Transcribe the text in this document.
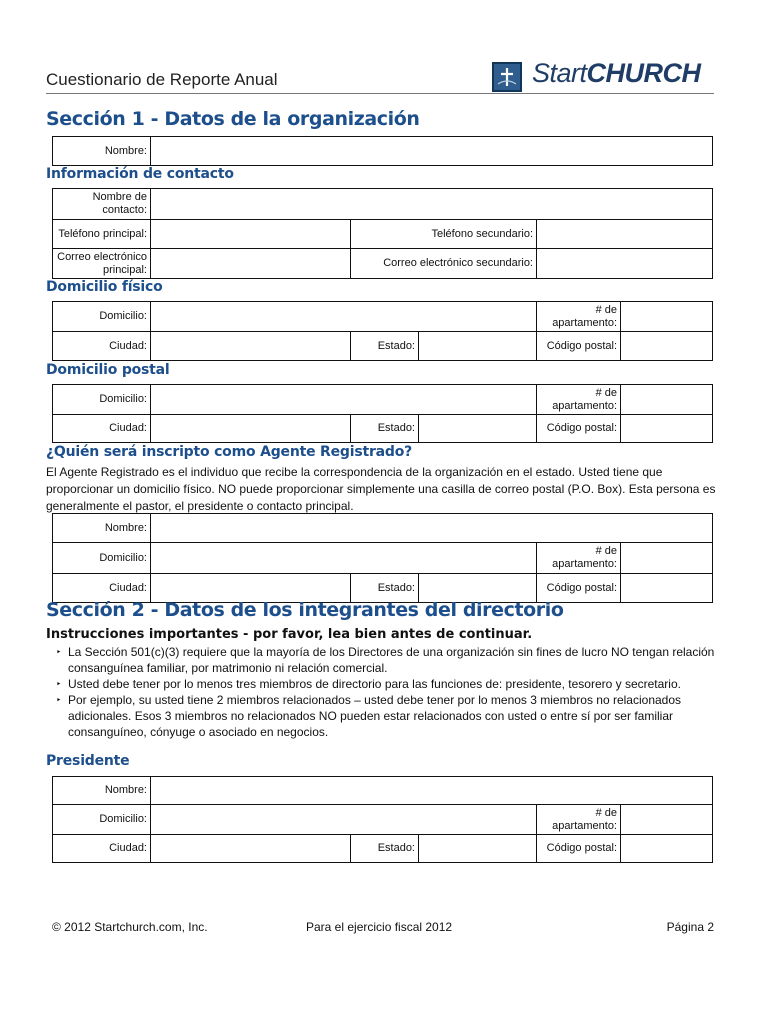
Cuestionario de Reporte Anual	StartCHURCH
Sección 1 - Datos de la organización
Nombre:	
Información de contacto
Nombre de contacto:			
Teléfono principal:		Teléfono secundario:	
Correo electrónico principal:		Correo electrónico secundario:	
Domicilio físico
Domicilio:				# de apartamento:	
Ciudad:		Estado:		Código postal:	
Domicilio postal
Domicilio:				# de apartamento:	
Ciudad:		Estado:		Código postal:	
¿Quién será inscripto como Agente Registrado?
El Agente Registrado es el individuo que recibe la correspondencia de la organización en el estado. Usted tiene que proporcionar un domicilio físico. NO puede proporcionar simplemente una casilla de correo postal (P.O. Box). Esta persona es generalmente el pastor, el presidente o contacto principal.
Nombre:					
Domicilio:				# de apartamento:	
Ciudad:		Estado:		Código postal:	
Sección 2 - Datos de los integrantes del directorio
Instrucciones importantes - por favor, lea bien antes de continuar.
‣ La Sección 501(c)(3) requiere que la mayoría de los Directores de una organización sin fines de lucro NO tengan relación consanguínea familiar, por matrimonio ni relación comercial.
‣ Usted debe tener por lo menos tres miembros de directorio para las funciones de: presidente, tesorero y secretario.
‣ Por ejemplo, su usted tiene 2 miembros relacionados – usted debe tener por lo menos 3 miembros no relacionados adicionales. Esos 3 miembros no relacionados NO pueden estar relacionados con usted o entre sí por ser familiar consanguíneo, cónyuge o asociado en negocios.
Presidente
Nombre:					
Domicilio:				# de apartamento:	
Ciudad:		Estado:		Código postal:	
© 2012 Startchurch.com, Inc.	Para el ejercicio fiscal 2012	Página 2
